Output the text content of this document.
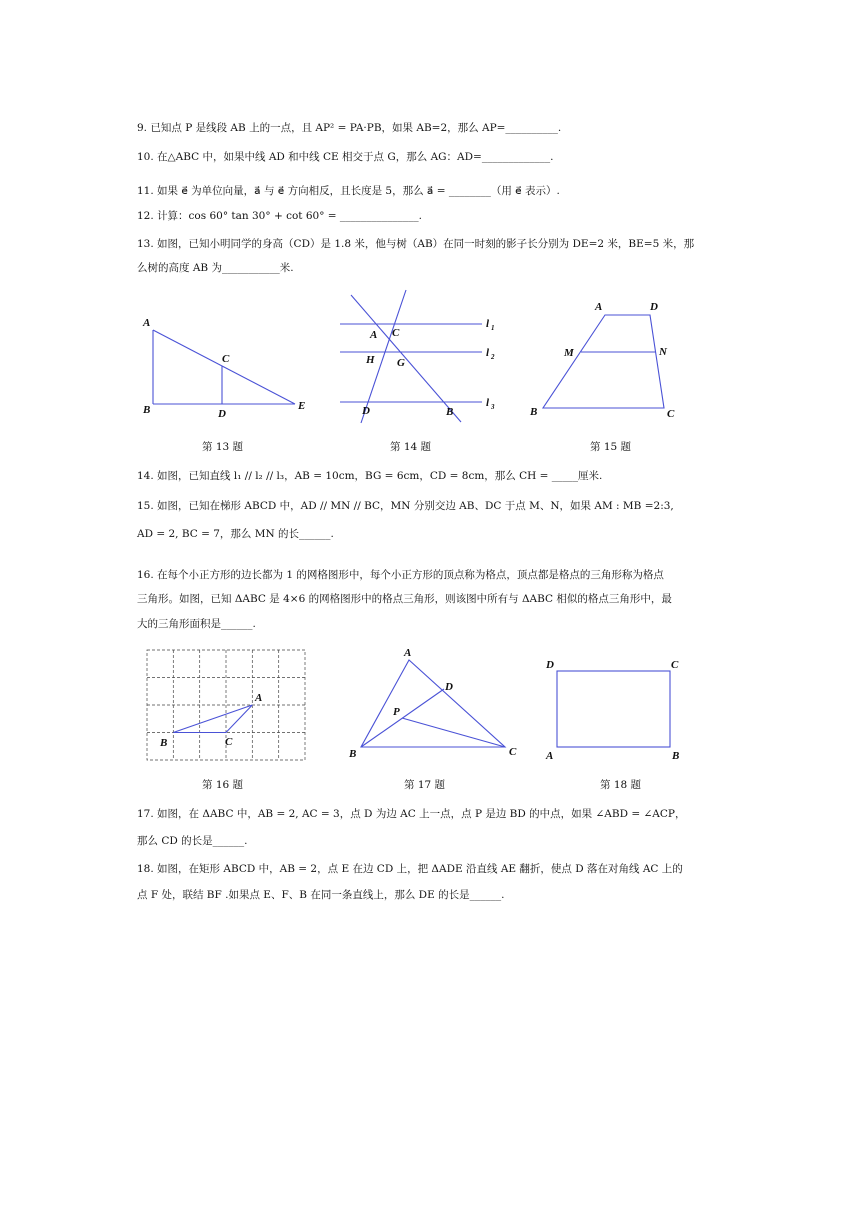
9. 已知点 P 是线段 AB 上的一点，且 AP² = PA·PB，如果 AB=2，那么 AP=__________.
10. 在△ABC 中，如果中线 AD 和中线 CE 相交于点 G，那么 AG：AD=_____________.
11. 如果 e⃗ 为单位向量，a⃗ 与 e⃗ 方向相反，且长度是 5，那么 a⃗ = ________（用 e⃗ 表示）.
12. 计算：cos 60° tan 30° + cot 60° = _______________.
13. 如图，已知小明同学的身高（CD）是 1.8 米，他与树（AB）在同一时刻的影子长分别为 DE=2 米，BE=5 米，那
么树的高度 AB 为___________米.
A
B
C
D
E
第 13 题
A C
H G
D	B
l 1
l 2
l 3
第 14 题
A	D
M	N
B	C
第 15 题
14. 如图，已知直线 l₁ // l₂ // l₃，AB = 10cm，BG = 6cm，CD = 8cm，那么 CH = _____厘米.
15. 如图，已知在梯形 ABCD 中，AD // MN // BC，MN 分别交边 AB、DC 于点 M、N，如果 AM : MB =2:3,
AD = 2, BC = 7，那么 MN 的长______.
16. 在每个小正方形的边长都为 1 的网格图形中，每个小正方形的顶点称为格点，顶点都是格点的三角形称为格点
三角形。如图，已知 ΔABC 是 4×6 的网格图形中的格点三角形，则该图中所有与 ΔABC 相似的格点三角形中，最
大的三角形面积是______.
A
B	C
第 16 题
A
D
P
B	C
第 17 题
D	C
A	B
第 18 题
17. 如图，在 ΔABC 中，AB = 2, AC = 3，点 D 为边 AC 上一点，点 P 是边 BD 的中点，如果 ∠ABD = ∠ACP，
那么 CD 的长是______.
18. 如图，在矩形 ABCD 中，AB = 2，点 E 在边 CD 上，把 ΔADE 沿直线 AE 翻折，使点 D 落在对角线 AC 上的
点 F 处，联结 BF .如果点 E、F、B 在同一条直线上，那么 DE 的长是______.
